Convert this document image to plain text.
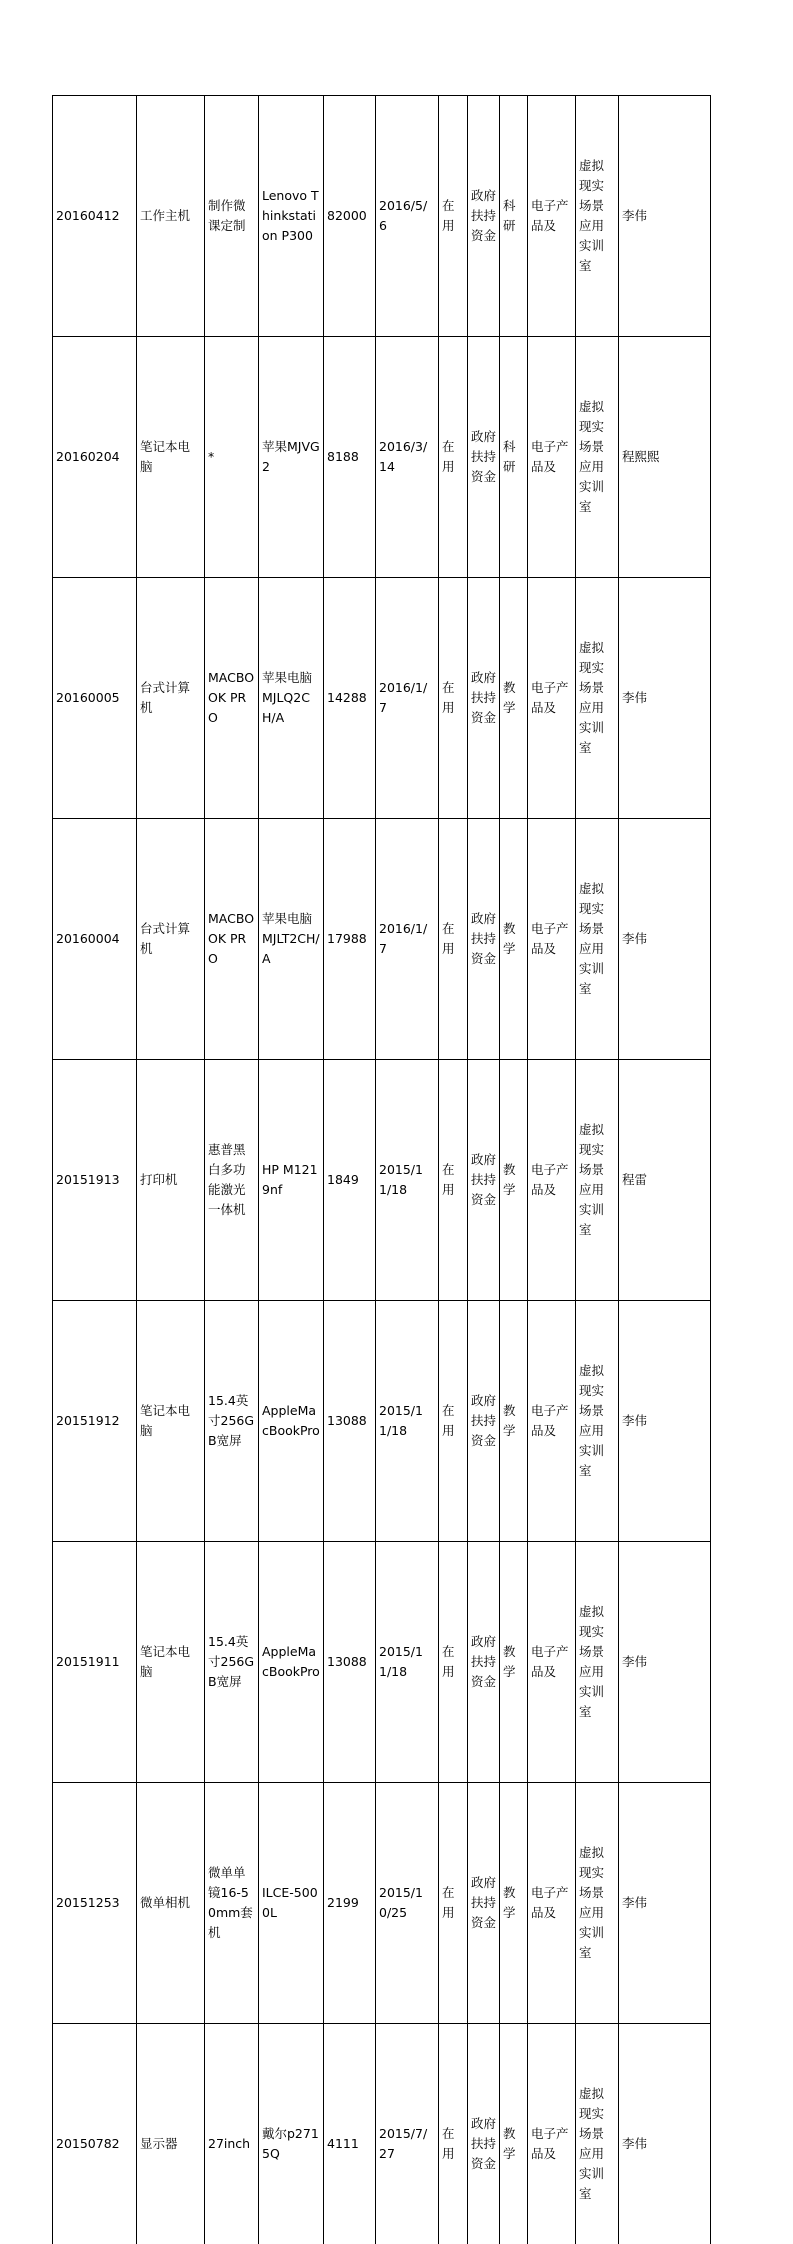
20160412	工作主机	制作微课定制	Lenovo Thinkstation P300	82000	2016/5/6	在用	政府扶持资金	科研	电子产品及	虚拟现实场景应用实训室	李伟

20160204	笔记本电脑	*	苹果MJVG2	8188	2016/3/14	在用	政府扶持资金	科研	电子产品及	虚拟现实场景应用实训室	程熙熙

20160005	台式计算机	MACBOOK PRO	苹果电脑MJLQ2CH/A	14288	2016/1/7	在用	政府扶持资金	教学	电子产品及	虚拟现实场景应用实训室	李伟

20160004	台式计算机	MACBOOK PRO	苹果电脑MJLT2CH/A	17988	2016/1/7	在用	政府扶持资金	教学	电子产品及	虚拟现实场景应用实训室	李伟

20151913	打印机	惠普黑白多功能激光一体机	HP M1219nf	1849	2015/11/18	在用	政府扶持资金	教学	电子产品及	虚拟现实场景应用实训室	程雷

20151912	笔记本电脑	15.4英寸256GB宽屏	AppleMacBookPro	13088	2015/11/18	在用	政府扶持资金	教学	电子产品及	虚拟现实场景应用实训室	李伟

20151911	笔记本电脑	15.4英寸256GB宽屏	AppleMacBookPro	13088	2015/11/18	在用	政府扶持资金	教学	电子产品及	虚拟现实场景应用实训室	李伟

20151253	微单相机	微单单镜16-50mm套机	ILCE-5000L	2199	2015/10/25	在用	政府扶持资金	教学	电子产品及	虚拟现实场景应用实训室	李伟

20150782	显示器	27inch	戴尔p2715Q	4111	2015/7/27	在用	政府扶持资金	教学	电子产品及	虚拟现实场景应用实训室	李伟
